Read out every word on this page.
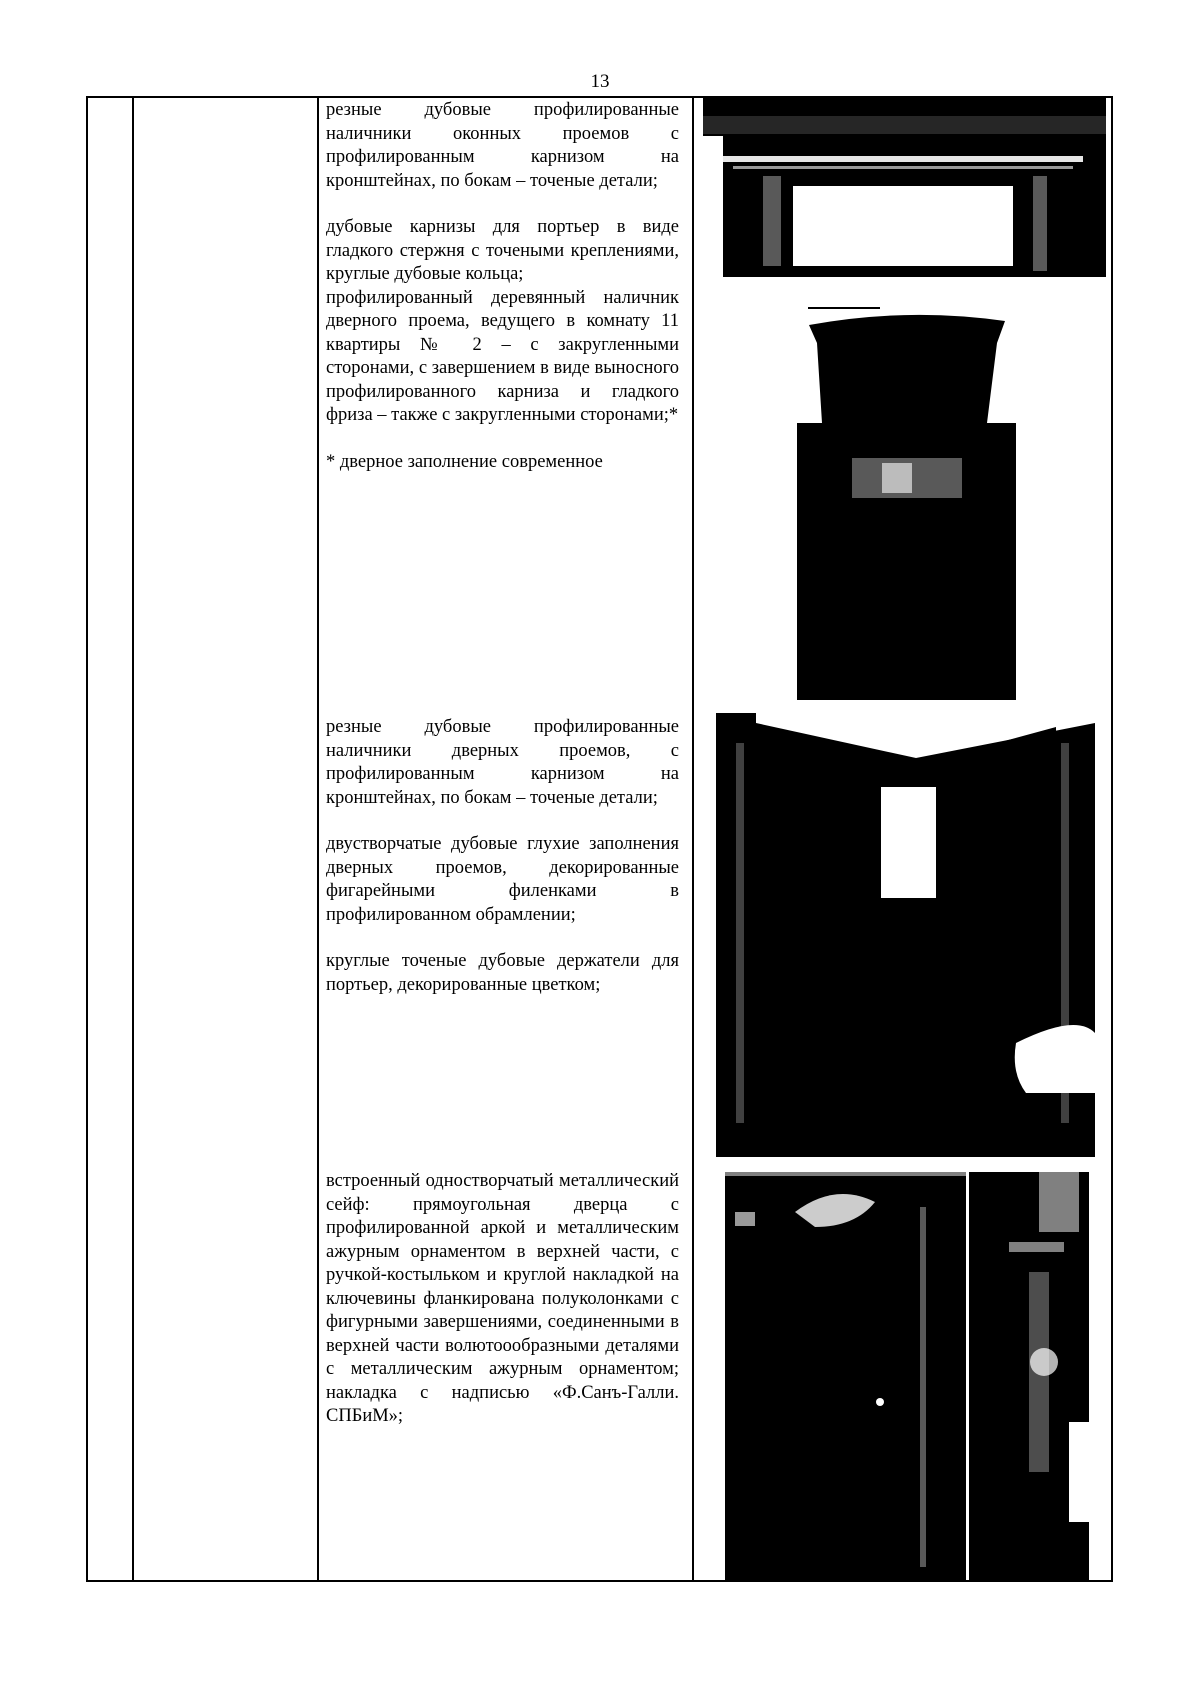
13

резные дубовые профилированные наличники оконных проемов с профилированным карнизом на кронштейнах, по бокам – точеные детали;

дубовые карнизы для портьер в виде гладкого стержня с точеными креплениями, круглые дубовые кольца;

профилированный деревянный наличник дверного проема, ведущего в комнату 11 квартиры № 2 – с закругленными сторонами, с завершением в виде выносного профилированного карниза и гладкого фриза – также с закругленными сторонами;*

* дверное заполнение современное

резные дубовые профилированные наличники дверных проемов, с профилированным карнизом на кронштейнах, по бокам – точеные детали;

двустворчатые дубовые глухие заполнения дверных проемов, декорированные фигарейными филенками в профилированном обрамлении;

круглые точеные дубовые держатели для портьер, декорированные цветком;

встроенный одностворчатый металлический сейф: прямоугольная дверца с профилированной аркой и металлическим ажурным орнаментом в верхней части, с ручкой-костыльком и круглой накладкой на ключевины фланкирована полуколонками с фигурными завершениями, соединенными в верхней части волютоообразными деталями с металлическим ажурным орнаментом; накладка с надписью «Ф.Санъ-Галли. СПБиМ»;
